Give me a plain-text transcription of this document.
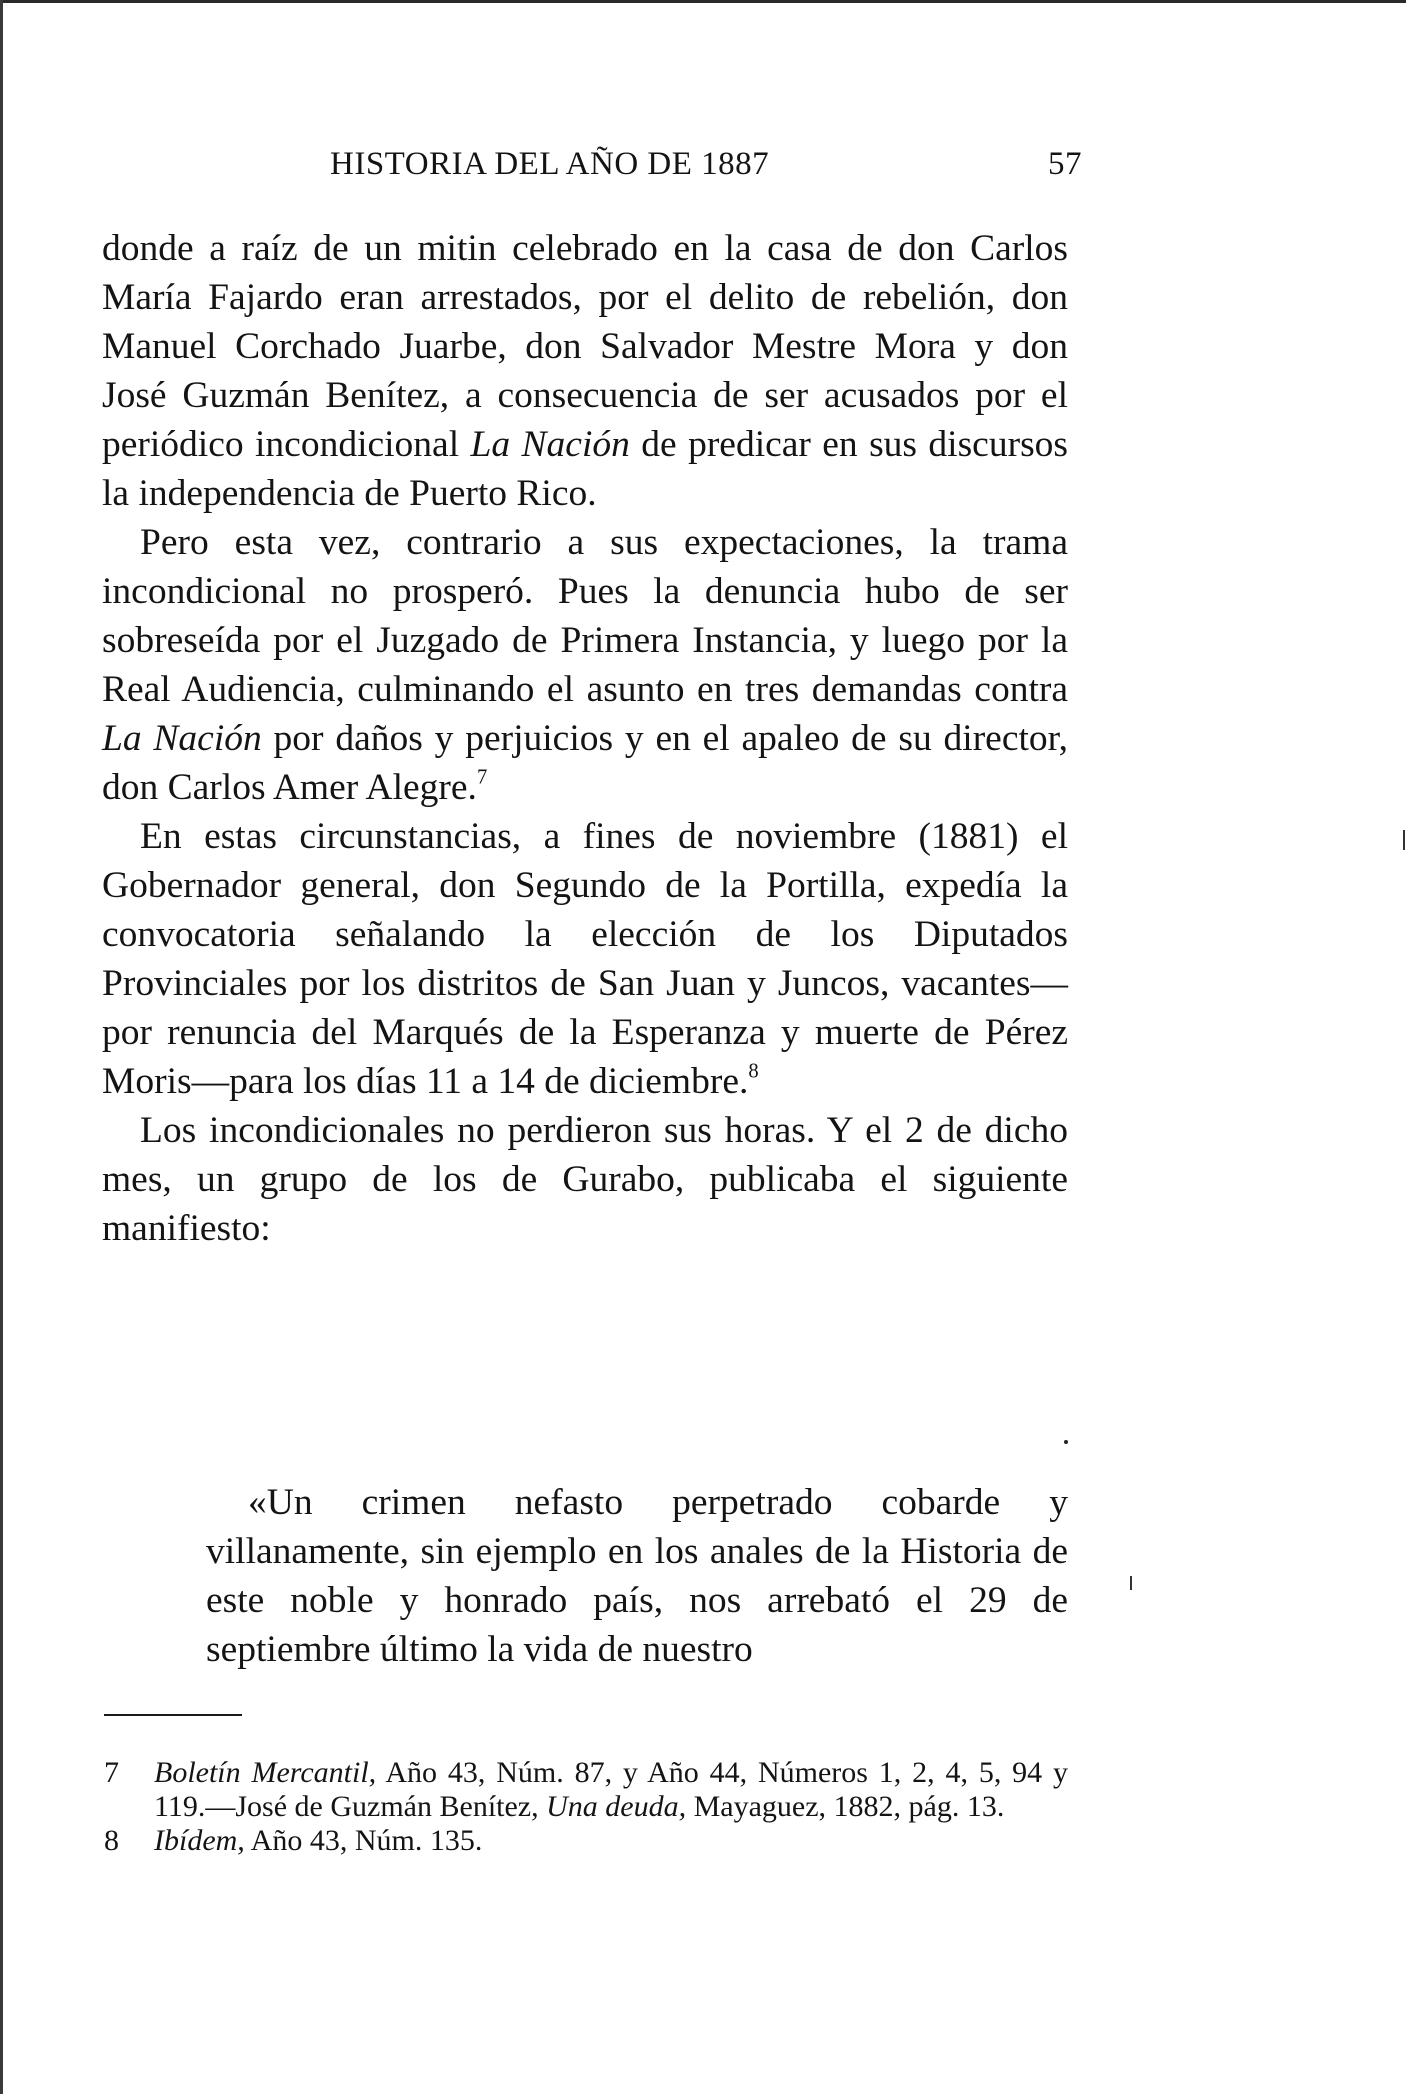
HISTORIA DEL AÑO DE 1887	57

donde a raíz de un mitin celebrado en la casa de don Carlos María Fajardo eran arrestados, por el delito de rebelión, don Manuel Corchado Juarbe, don Salvador Mestre Mora y don José Guzmán Benítez, a consecuencia de ser acusados por el periódico incondicional La Nación de predicar en sus discursos la independencia de Puerto Rico.

Pero esta vez, contrario a sus expectaciones, la trama incondicional no prosperó. Pues la denuncia hubo de ser sobreseída por el Juzgado de Primera Instancia, y luego por la Real Audiencia, culminando el asunto en tres demandas contra La Nación por daños y perjuicios y en el apaleo de su director, don Carlos Amer Alegre.$^7$

En estas circunstancias, a fines de noviembre (1881) el Gobernador general, don Segundo de la Portilla, expedía la convocatoria señalando la elección de los Diputados Provinciales por los distritos de San Juan y Juncos, vacantes—por renuncia del Marqués de la Esperanza y muerte de Pérez Moris—para los días 11 a 14 de diciembre.$^8$

Los incondicionales no perdieron sus horas. Y el 2 de dicho mes, un grupo de los de Gurabo, publicaba el siguiente manifiesto:

«Un crimen nefasto perpetrado cobarde y villanamente, sin ejemplo en los anales de la Historia de este noble y honrado país, nos arrebató el 29 de septiembre último la vida de nuestro

7	Boletín Mercantil, Año 43, Núm. 87, y Año 44, Números 1, 2, 4, 5, 94 y 119.—José de Guzmán Benítez, Una deuda, Mayaguez, 1882, pág. 13.

8	Ibídem, Año 43, Núm. 135.
